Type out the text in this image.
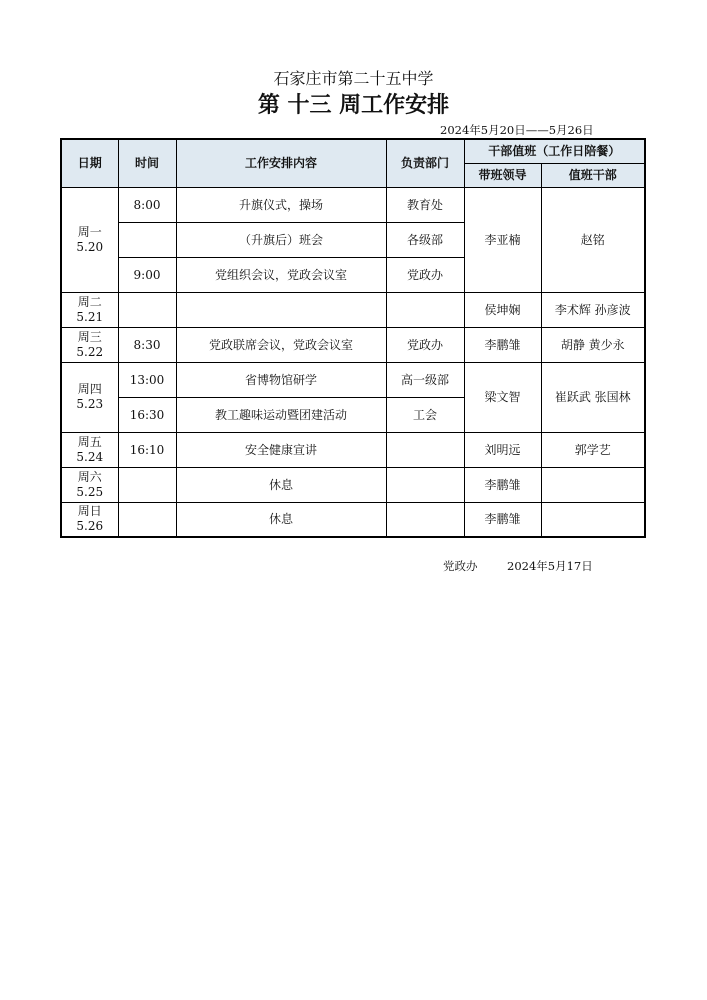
石家庄市第二十五中学
第 十三 周工作安排
2024年5月20日——5月26日
日期	时间	工作安排内容	负责部门	干部值班（工作日陪餐）	
				带班领导	值班干部

周一
5.20	8:00	升旗仪式，操场	教育处	李亚楠	赵铭
		（升旗后）班会	各级部		
	9:00	党组织会议，党政会议室	党政办		

周二
5.21				侯坤娴	李术辉 孙彦波

周三
5.22	8:30	党政联席会议，党政会议室	党政办	李鹏雏	胡静 黄少永

周四
5.23	13:00	省博物馆研学	高一级部	梁文智	崔跃武 张国林
	16:30	教工趣味运动暨团建活动	工会		

周五
5.24	16:10	安全健康宣讲		刘明远	郭学艺

周六
5.25		休息		李鹏雏	

周日
5.26		休息		李鹏雏	
党政办	2024年5月17日
